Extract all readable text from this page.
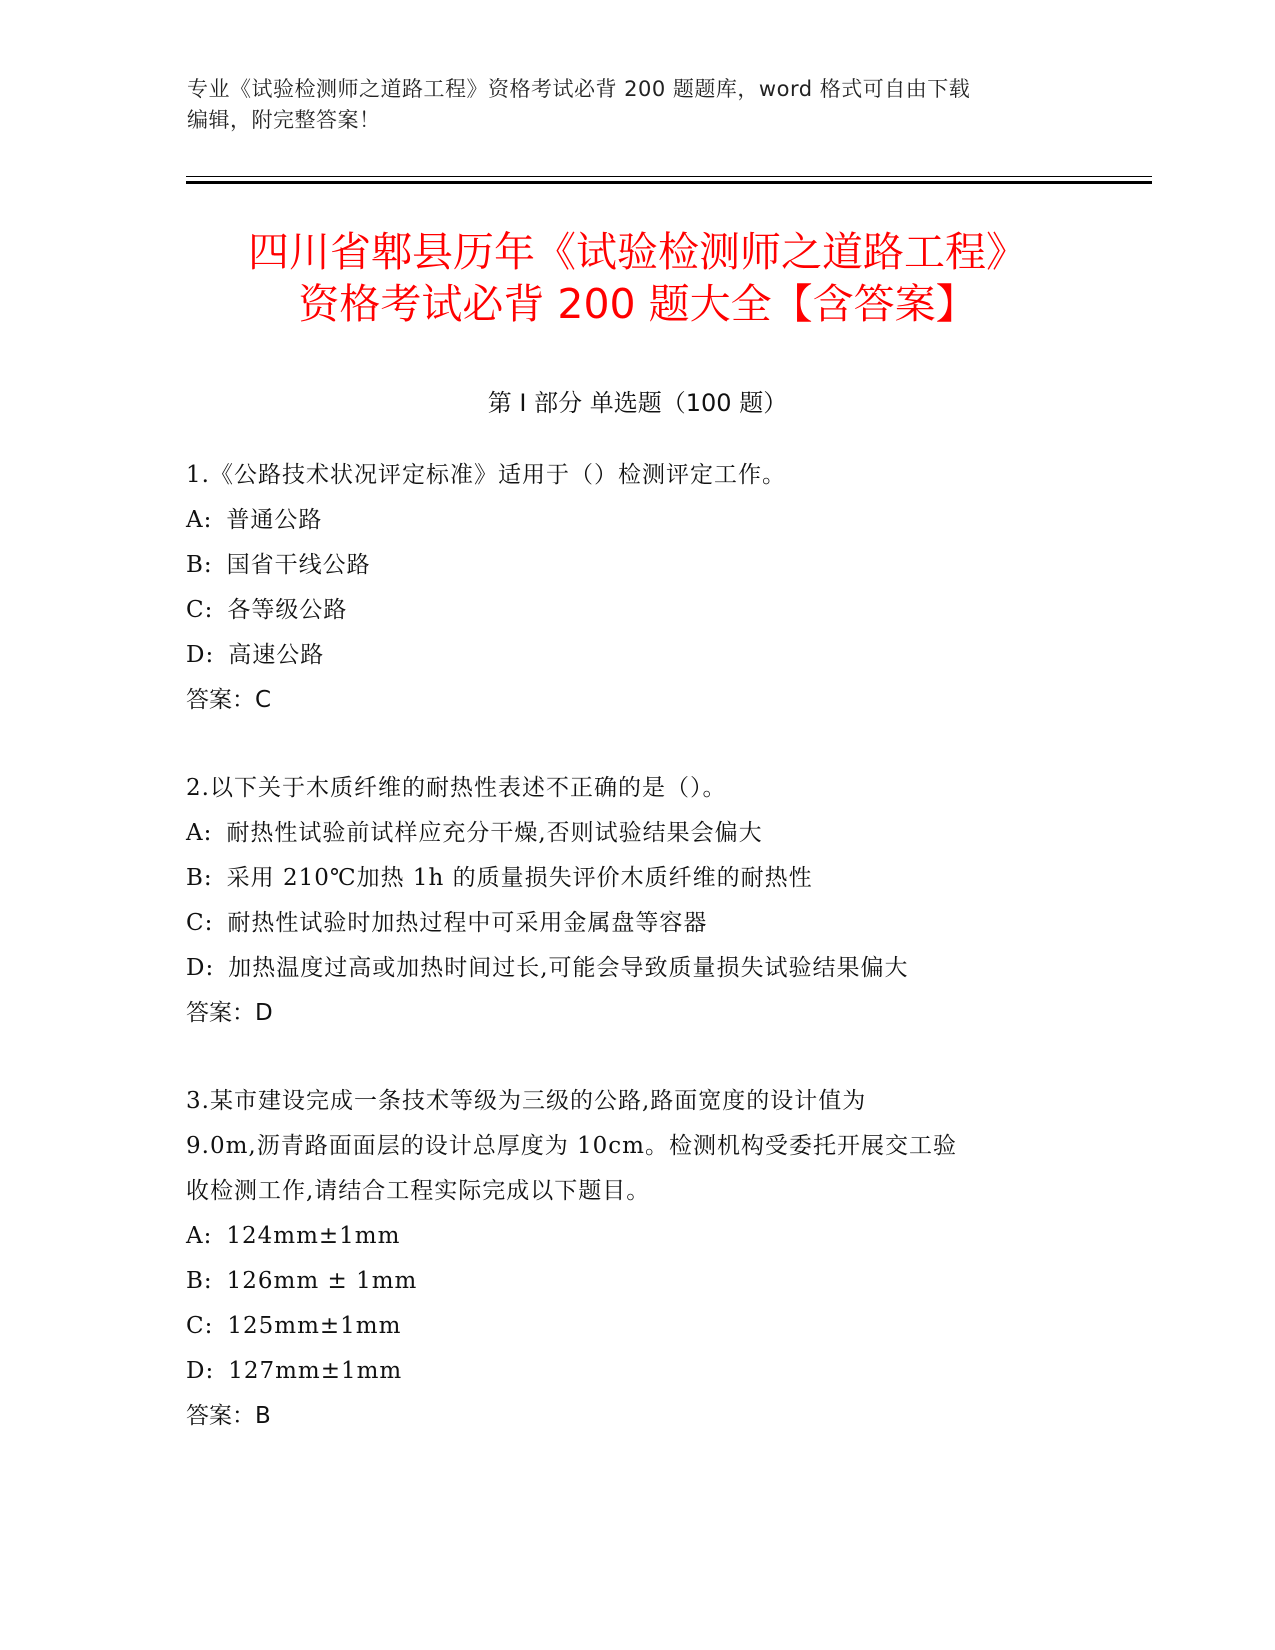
专业《试验检测师之道路工程》资格考试必背 200 题题库，word 格式可自由下载
编辑，附完整答案！
四川省郫县历年《试验检测师之道路工程》
资格考试必背 200 题大全【含答案】
第 I 部分 单选题（100 题）
1.《公路技术状况评定标准》适用于（）检测评定工作。
A: 普通公路
B: 国省干线公路
C: 各等级公路
D: 高速公路
答案：C
2.以下关于木质纤维的耐热性表述不正确的是（）。
A: 耐热性试验前试样应充分干燥,否则试验结果会偏大
B: 采用 210℃加热 1h 的质量损失评价木质纤维的耐热性
C: 耐热性试验时加热过程中可采用金属盘等容器
D: 加热温度过高或加热时间过长,可能会导致质量损失试验结果偏大
答案：D
3.某市建设完成一条技术等级为三级的公路,路面宽度的设计值为
9.0m,沥青路面面层的设计总厚度为 10cm。检测机构受委托开展交工验
收检测工作,请结合工程实际完成以下题目。
A: 124mm±1mm
B: 126mm ± 1mm
C: 125mm±1mm
D: 127mm±1mm
答案：B
